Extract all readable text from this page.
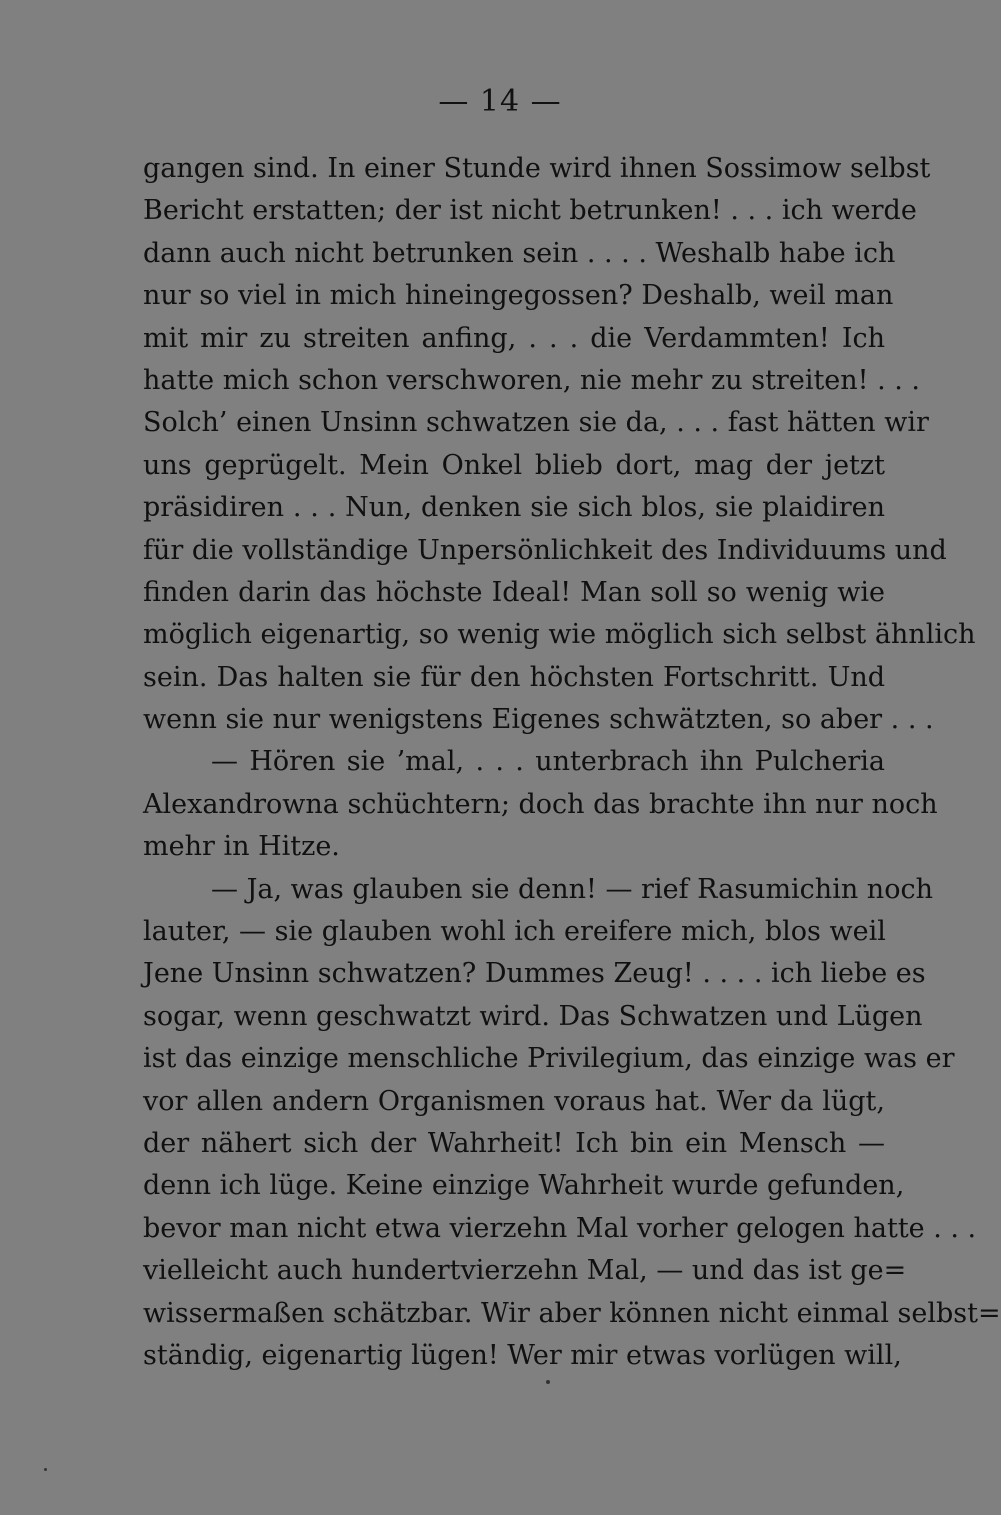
— 14 —
gangen sind. In einer Stunde wird ihnen Sossimow selbst
Bericht erstatten; der ist nicht betrunken! . . . ich werde
dann auch nicht betrunken sein . . . . Weshalb habe ich
nur so viel in mich hineingegossen? Deshalb, weil man
mit mir zu streiten anfing, . . . die Verdammten! Ich
hatte mich schon verschworen, nie mehr zu streiten! . . .
Solch’ einen Unsinn schwatzen sie da, . . . fast hätten wir
uns geprügelt. Mein Onkel blieb dort, mag der jetzt
präsidiren . . . Nun, denken sie sich blos, sie plaidiren
für die vollständige Unpersönlichkeit des Individuums und
finden darin das höchste Ideal! Man soll so wenig wie
möglich eigenartig, so wenig wie möglich sich selbst ähnlich
sein. Das halten sie für den höchsten Fortschritt. Und
wenn sie nur wenigstens Eigenes schwätzten, so aber . . .
— Hören sie ’mal, . . . unterbrach ihn Pulcheria
Alexandrowna schüchtern; doch das brachte ihn nur noch
mehr in Hitze.
— Ja, was glauben sie denn! — rief Rasumichin noch
lauter, — sie glauben wohl ich ereifere mich, blos weil
Jene Unsinn schwatzen? Dummes Zeug! . . . . ich liebe es
sogar, wenn geschwatzt wird. Das Schwatzen und Lügen
ist das einzige menschliche Privilegium, das einzige was er
vor allen andern Organismen voraus hat. Wer da lügt,
der nähert sich der Wahrheit! Ich bin ein Mensch —
denn ich lüge. Keine einzige Wahrheit wurde gefunden,
bevor man nicht etwa vierzehn Mal vorher gelogen hatte . . .
vielleicht auch hundertvierzehn Mal, — und das ist ge=
wissermaßen schätzbar. Wir aber können nicht einmal selbst=
ständig, eigenartig lügen! Wer mir etwas vorlügen will,
